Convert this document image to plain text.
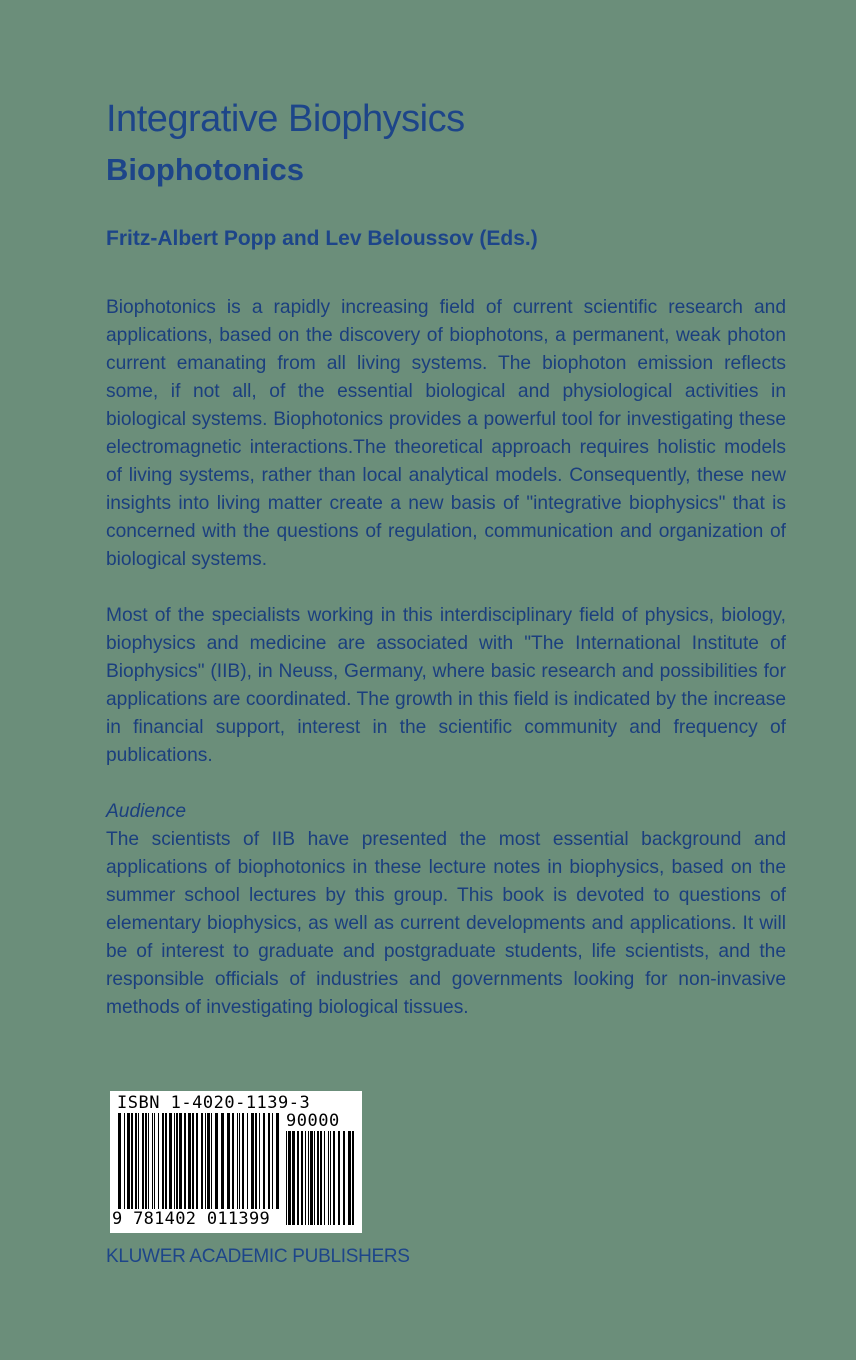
Integrative Biophysics
Biophotonics

Fritz-Albert Popp and Lev Beloussov (Eds.)

Biophotonics is a rapidly increasing field of current scientific research and applications, based on the discovery of biophotons, a permanent, weak photon current emanating from all living systems. The biophoton emission reflects some, if not all, of the essential biological and physiological activities in biological systems. Biophotonics provides a powerful tool for investigating these electromagnetic interactions.The theoretical approach requires holistic models of living systems, rather than local analytical models. Consequently, these new insights into living matter create a new basis of "integrative biophysics" that is concerned with the questions of regulation, communication and organization of biological systems.

Most of the specialists working in this interdisciplinary field of physics, biology, biophysics and medicine are associated with "The International Institute of Biophysics" (IIB), in Neuss, Germany, where basic research and possibilities for applications are coordinated. The growth in this field is indicated by the increase in financial support, interest in the scientific community and frequency of publications.

Audience

The scientists of IIB have presented the most essential background and applications of biophotonics in these lecture notes in biophysics, based on the summer school lectures by this group. This book is devoted to questions of elementary biophysics, as well as current developments and applications. It will be of interest to graduate and postgraduate students, life scientists, and the responsible officials of industries and governments looking for non-invasive methods of investigating biological tissues.

ISBN 1-4020-1139-3
90000
9 781402 011399

KLUWER ACADEMIC PUBLISHERS
